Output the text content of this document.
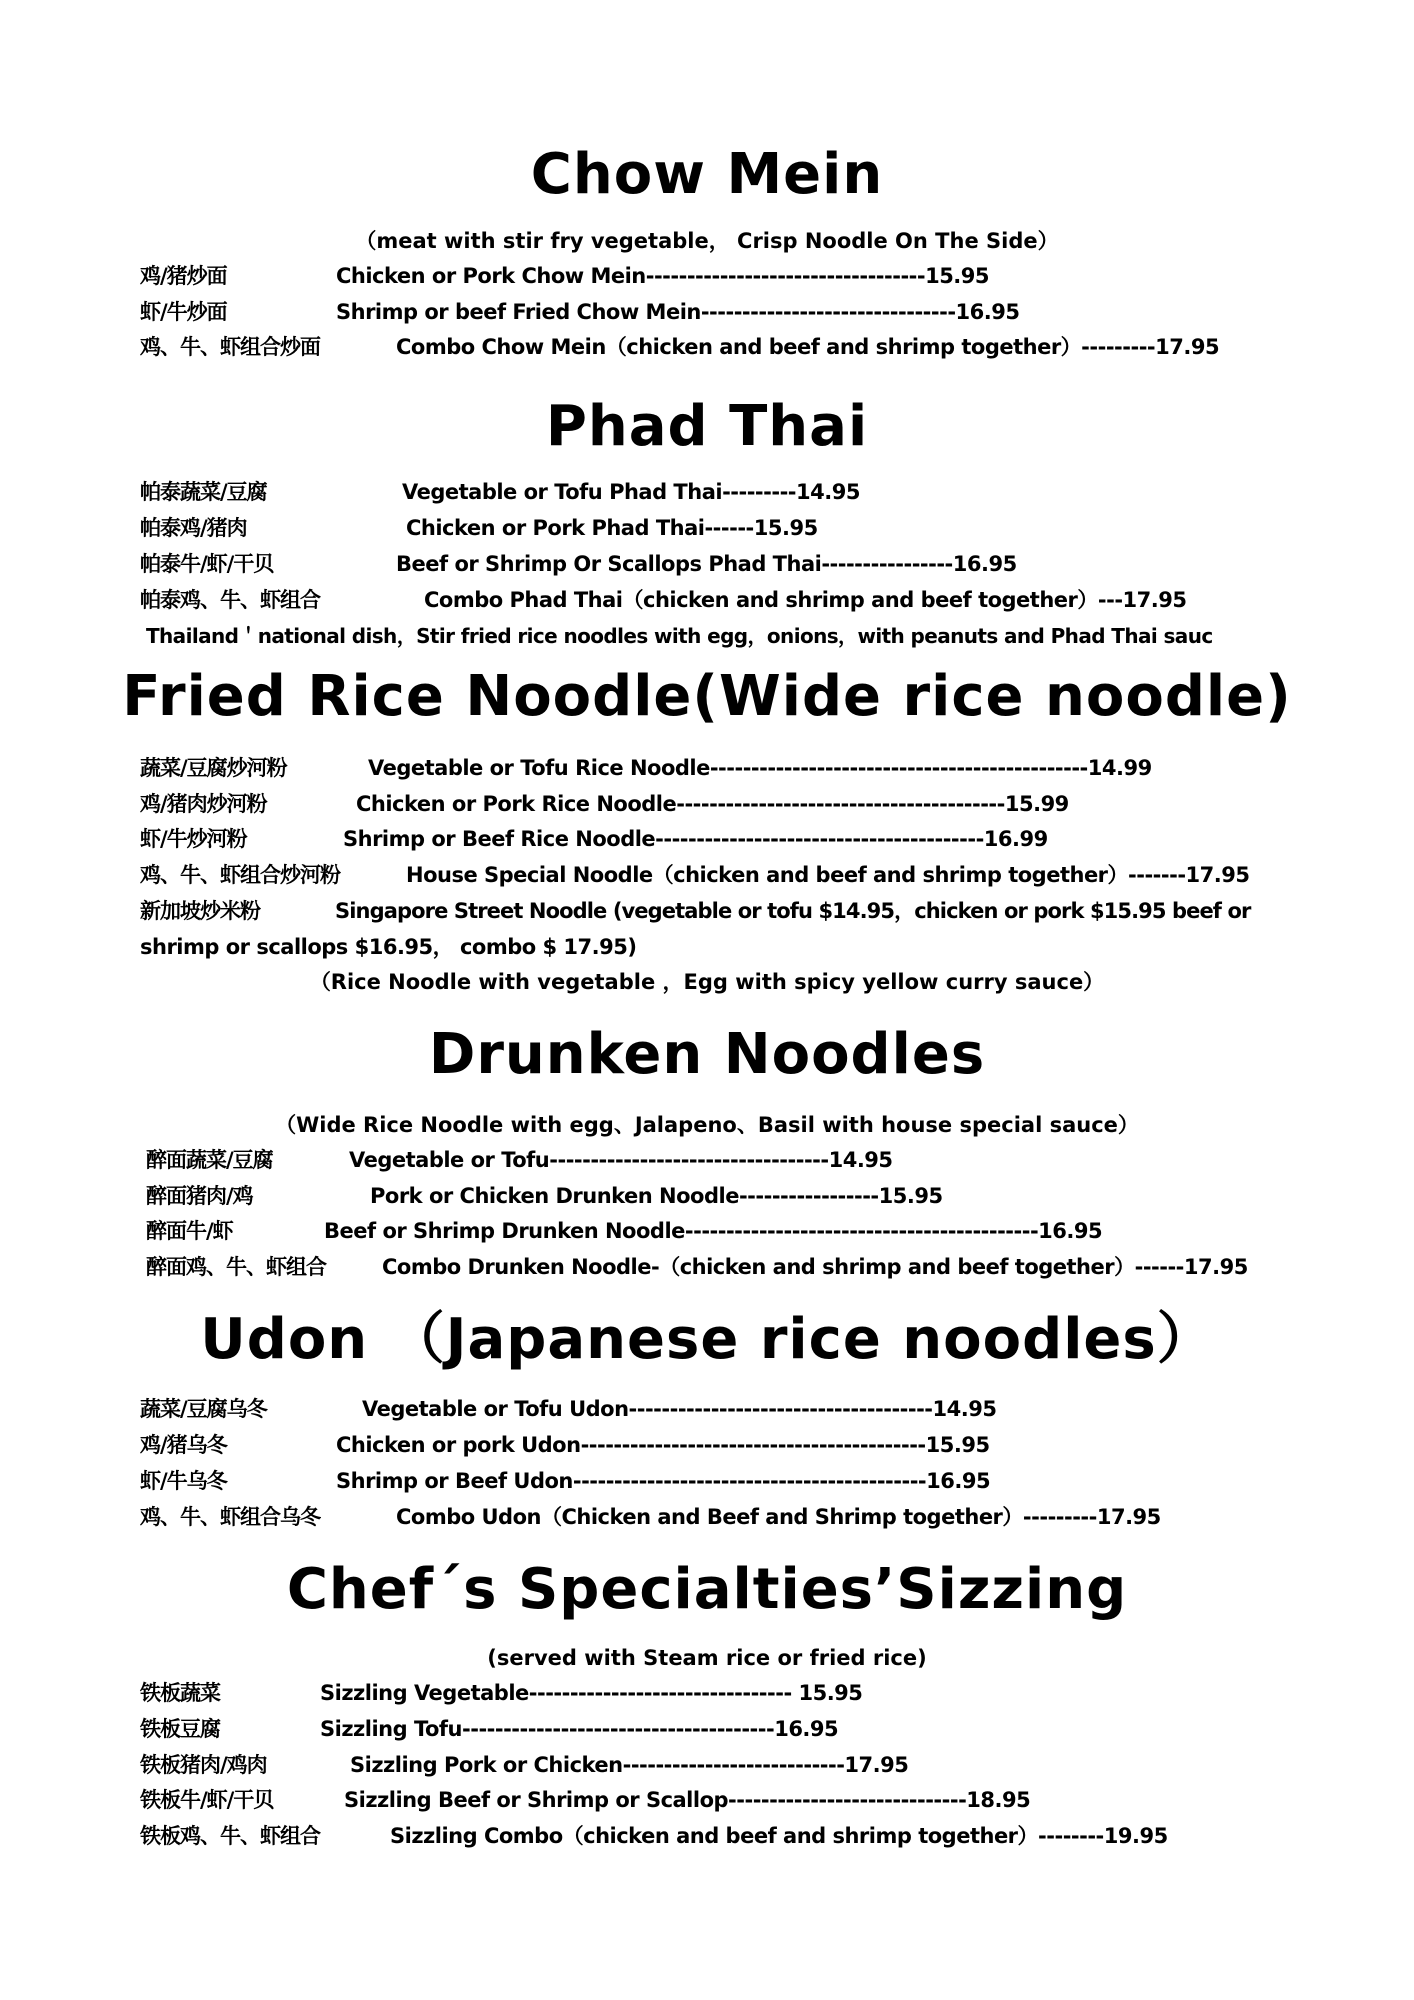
Chow Mein
（meat with stir fry vegetable， Crisp Noodle On The Side）
鸡/猪炒面	Chicken or Pork Chow Mein----------------------------------15.95
虾/牛炒面	Shrimp or beef Fried Chow Mein-------------------------------16.95
鸡、牛、虾组合炒面	Combo Chow Mein（chicken and beef and shrimp together）---------17.95
Phad Thai
帕泰蔬菜/豆腐	Vegetable or Tofu Phad Thai---------14.95
帕泰鸡/猪肉	Chicken or Pork Phad Thai------15.95
帕泰牛/虾/干贝	Beef or Shrimp Or Scallops Phad Thai----------------16.95
帕泰鸡、牛、虾组合	Combo Phad Thai（chicken and shrimp and beef together）---17.95
Thailand＇national dish，Stir fried rice noodles with egg，onions，with peanuts and Phad Thai sauc
Fried Rice Noodle(Wide rice noodle)
蔬菜/豆腐炒河粉	Vegetable or Tofu Rice Noodle----------------------------------------------14.99
鸡/猪肉炒河粉	Chicken or Pork Rice Noodle----------------------------------------15.99
虾/牛炒河粉	Shrimp or Beef Rice Noodle----------------------------------------16.99
鸡、牛、虾组合炒河粉	House Special Noodle（chicken and beef and shrimp together）-------17.95
新加坡炒米粉	Singapore Street Noodle (vegetable or tofu $14.95，chicken or pork $15.95 beef or
shrimp or scallops $16.95， combo $ 17.95)
（Rice Noodle with vegetable ，Egg with spicy yellow curry sauce）
Drunken Noodles
（Wide Rice Noodle with egg、Jalapeno、Basil with house special sauce）
醉面蔬菜/豆腐	Vegetable or Tofu----------------------------------14.95
醉面猪肉/鸡	Pork or Chicken Drunken Noodle-----------------15.95
醉面牛/虾	Beef or Shrimp Drunken Noodle-------------------------------------------16.95
醉面鸡、牛、虾组合	Combo Drunken Noodle-（chicken and shrimp and beef together）------17.95
Udon （Japanese rice noodles）
蔬菜/豆腐乌冬	Vegetable or Tofu Udon-------------------------------------14.95
鸡/猪乌冬	Chicken or pork Udon------------------------------------------15.95
虾/牛乌冬	Shrimp or Beef Udon-------------------------------------------16.95
鸡、牛、虾组合乌冬	Combo Udon（Chicken and Beef and Shrimp together）---------17.95
Chef´s Specialties’Sizzing
(served with Steam rice or fried rice)
铁板蔬菜	Sizzling Vegetable-------------------------------- 15.95
铁板豆腐	Sizzling Tofu--------------------------------------16.95
铁板猪肉/鸡肉	Sizzling Pork or Chicken---------------------------17.95
铁板牛/虾/干贝	Sizzling Beef or Shrimp or Scallop-----------------------------18.95
铁板鸡、牛、虾组合	Sizzling Combo（chicken and beef and shrimp together）--------19.95
